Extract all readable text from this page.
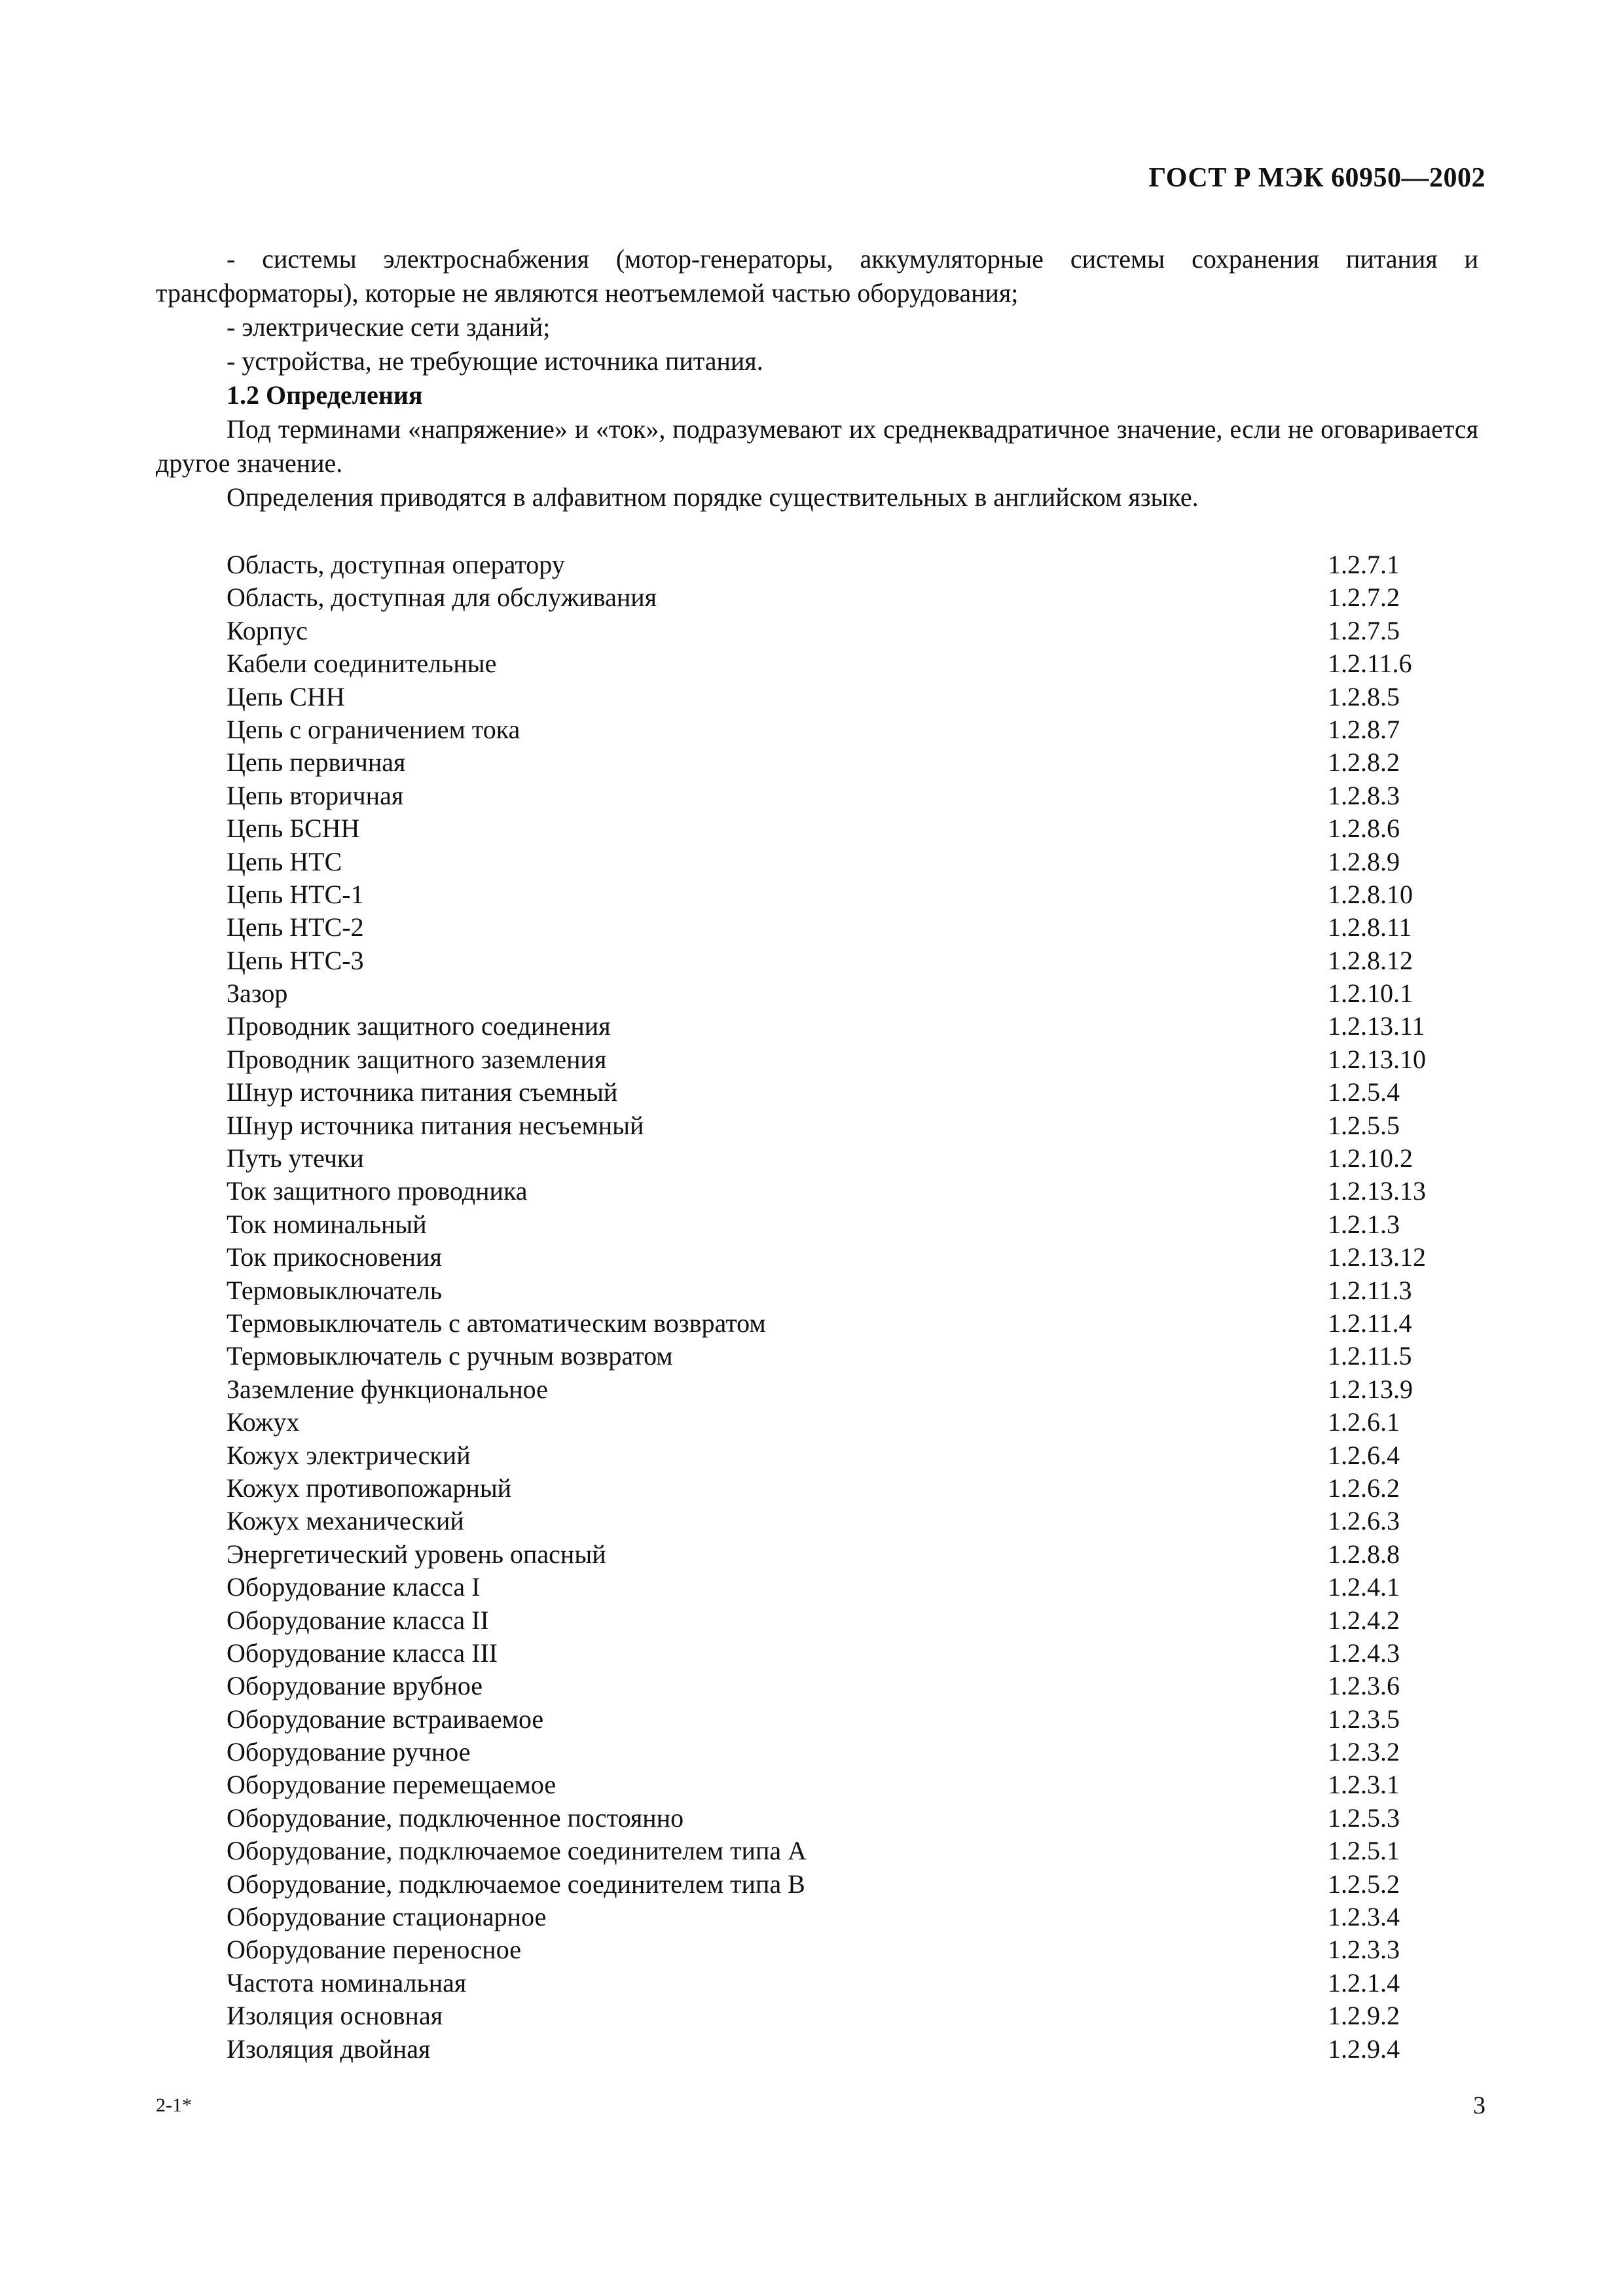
ГОСТ Р МЭК 60950—2002

- системы электроснабжения (мотор-генераторы, аккумуляторные системы сохранения питания и трансформаторы), которые не являются неотъемлемой частью оборудования;

- электрические сети зданий;

- устройства, не требующие источника питания.

1.2 Определения

Под терминами «напряжение» и «ток», подразумевают их среднеквадратичное значение, если не оговаривается другое значение.

Определения приводятся в алфавитном порядке существительных в английском языке.

Область, доступная оператору	1.2.7.1
Область, доступная для обслуживания	1.2.7.2
Корпус	1.2.7.5
Кабели соединительные	1.2.11.6
Цепь СНН	1.2.8.5
Цепь с ограничением тока	1.2.8.7
Цепь первичная	1.2.8.2
Цепь вторичная	1.2.8.3
Цепь БСНН	1.2.8.6
Цепь НТС	1.2.8.9
Цепь НТС-1	1.2.8.10
Цепь НТС-2	1.2.8.11
Цепь НТС-3	1.2.8.12
Зазор	1.2.10.1
Проводник защитного соединения	1.2.13.11
Проводник защитного заземления	1.2.13.10
Шнур источника питания съемный	1.2.5.4
Шнур источника питания несъемный	1.2.5.5
Путь утечки	1.2.10.2
Ток защитного проводника	1.2.13.13
Ток номинальный	1.2.1.3
Ток прикосновения	1.2.13.12
Термовыключатель	1.2.11.3
Термовыключатель с автоматическим возвратом	1.2.11.4
Термовыключатель с ручным возвратом	1.2.11.5
Заземление функциональное	1.2.13.9
Кожух	1.2.6.1
Кожух электрический	1.2.6.4
Кожух противопожарный	1.2.6.2
Кожух механический	1.2.6.3
Энергетический уровень опасный	1.2.8.8
Оборудование класса I	1.2.4.1
Оборудование класса II	1.2.4.2
Оборудование класса III	1.2.4.3
Оборудование врубное	1.2.3.6
Оборудование встраиваемое	1.2.3.5
Оборудование ручное	1.2.3.2
Оборудование перемещаемое	1.2.3.1
Оборудование, подключенное постоянно	1.2.5.3
Оборудование, подключаемое соединителем типа А	1.2.5.1
Оборудование, подключаемое соединителем типа В	1.2.5.2
Оборудование стационарное	1.2.3.4
Оборудование переносное	1.2.3.3
Частота номинальная	1.2.1.4
Изоляция основная	1.2.9.2
Изоляция двойная	1.2.9.4
2-1*	3
